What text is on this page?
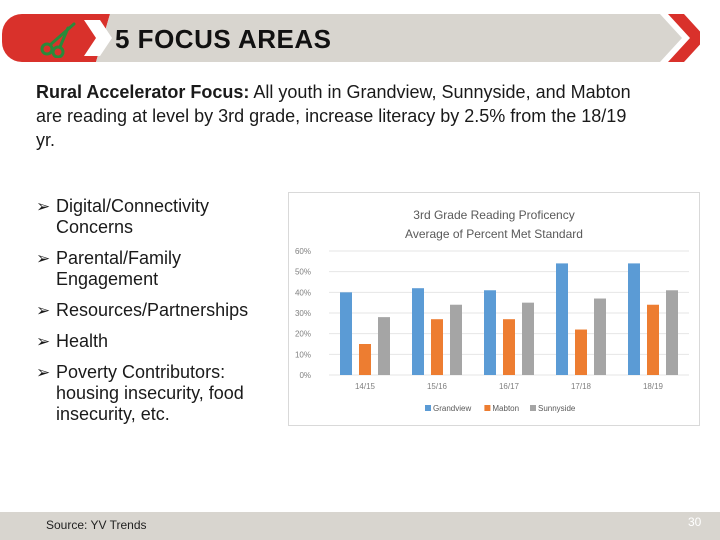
5 FOCUS AREAS
Rural Accelerator Focus: All youth in Grandview, Sunnyside, and Mabton are reading at level by 3rd grade, increase literacy by 2.5% from the 18/19 yr.
➢ Digital/Connectivity Concerns
➢ Parental/Family Engagement
➢ Resources/Partnerships
➢ Health
➢ Poverty Contributors: housing insecurity, food insecurity, etc.
3rd Grade Reading Proficency
Average of Percent Met Standard
0%
10%
20%
30%
40%
50%
60%
14/15	15/16	16/17	17/18	18/19
Grandview	Mabton Sunnyside
Source: YV Trends	30
